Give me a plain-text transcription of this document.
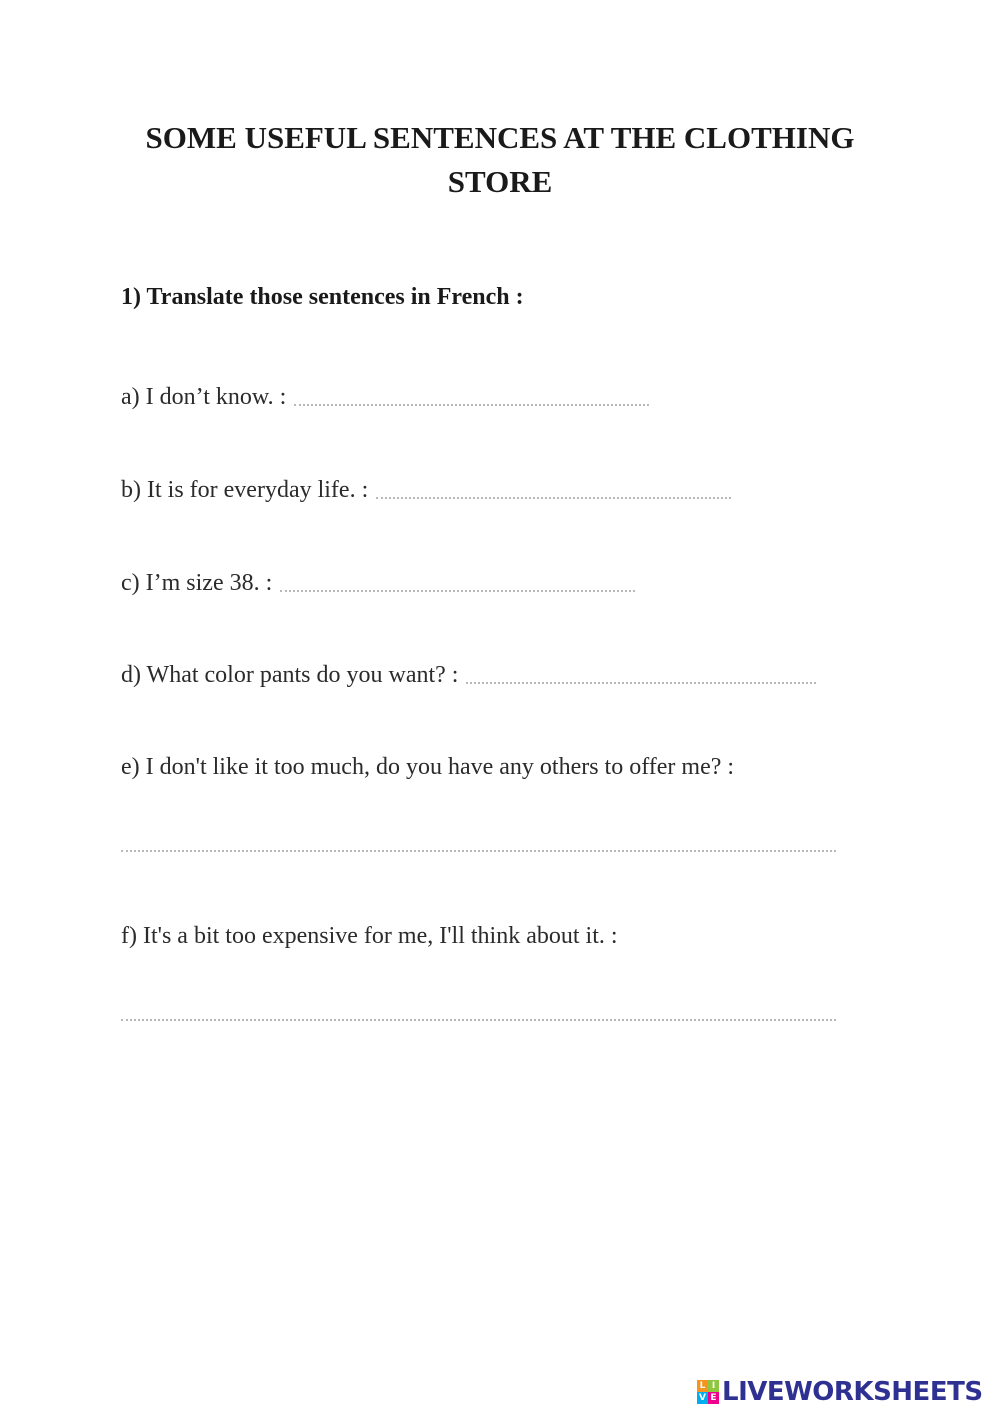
SOME USEFUL SENTENCES AT THE CLOTHING
STORE
1) Translate those sentences in French :
a) I don’t know. :
b) It is for everyday life. :
c) I’m size 38. :
d) What color pants do you want? :
e) I don't like it too much, do you have any others to offer me? :
f) It's a bit too expensive for me, I'll think about it. :
L I
V E LIVEWORKSHEETS
